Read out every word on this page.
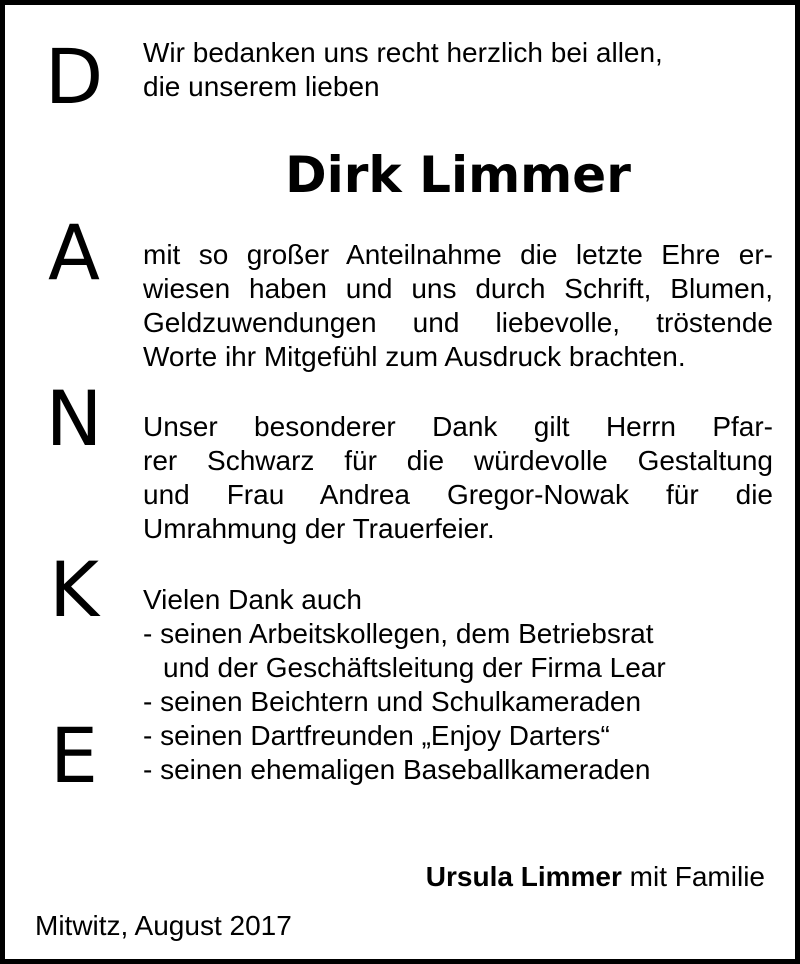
D
A
N
K
E
Wir bedanken uns recht herzlich bei allen,
die unserem lieben
Dirk Limmer
mit so großer Anteilnahme die letzte Ehre er-
wiesen haben und uns durch Schrift, Blumen,
Geldzuwendungen und liebevolle, tröstende
Worte ihr Mitgefühl zum Ausdruck brachten.
Unser besonderer Dank gilt Herrn Pfar-
rer Schwarz für die würdevolle Gestaltung
und Frau Andrea Gregor-Nowak für die
Umrahmung der Trauerfeier.
Vielen Dank auch
- seinen Arbeitskollegen, dem Betriebsrat
und der Geschäftsleitung der Firma Lear
- seinen Beichtern und Schulkameraden
- seinen Dartfreunden „Enjoy Darters“
- seinen ehemaligen Baseballkameraden
Ursula Limmer mit Familie
Mitwitz, August 2017
